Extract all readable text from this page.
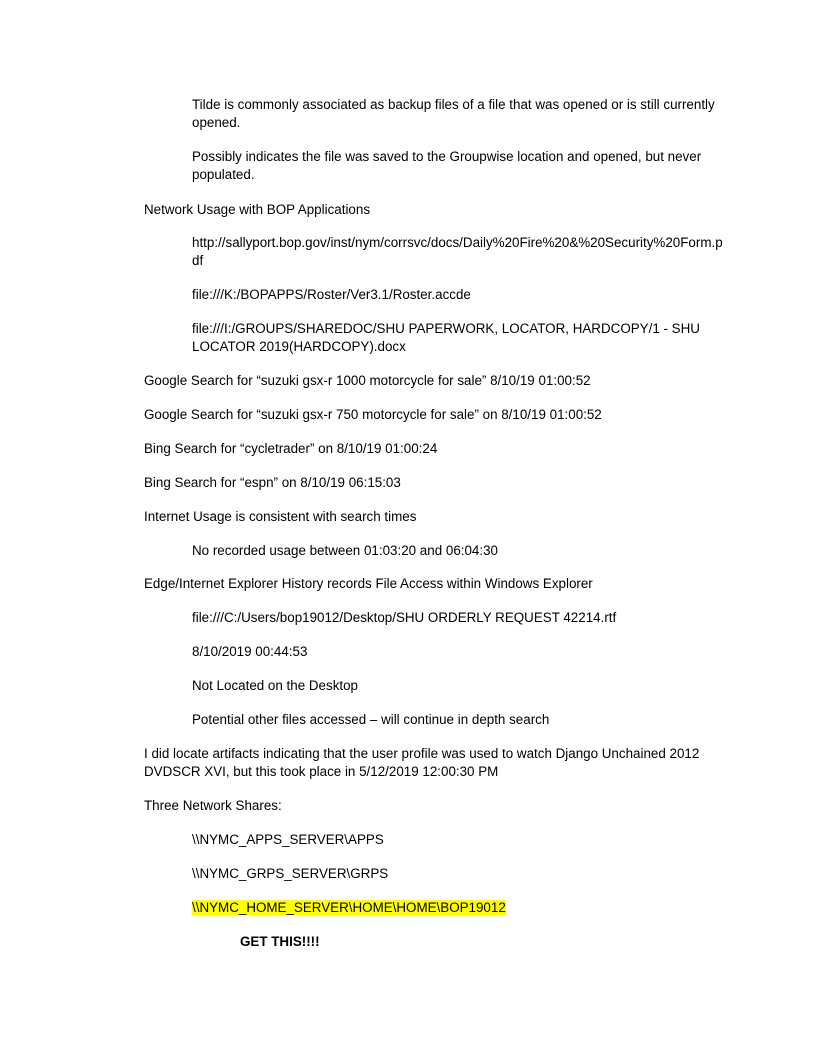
Tilde is commonly associated as backup files of a file that was opened or is still currently opened.

Possibly indicates the file was saved to the Groupwise location and opened, but never populated.

Network Usage with BOP Applications

http://sallyport.bop.gov/inst/nym/corrsvc/docs/Daily%20Fire%20&%20Security%20Form.pdf

file:///K:/BOPAPPS/Roster/Ver3.1/Roster.accde

file:///I:/GROUPS/SHAREDOC/SHU PAPERWORK, LOCATOR, HARDCOPY/1 - SHU LOCATOR 2019(HARDCOPY).docx

Google Search for “suzuki gsx-r 1000 motorcycle for sale” 8/10/19 01:00:52

Google Search for “suzuki gsx-r 750 motorcycle for sale” on 8/10/19 01:00:52

Bing Search for “cycletrader” on 8/10/19 01:00:24

Bing Search for “espn” on 8/10/19 06:15:03

Internet Usage is consistent with search times

No recorded usage between 01:03:20 and 06:04:30

Edge/Internet Explorer History records File Access within Windows Explorer

file:///C:/Users/bop19012/Desktop/SHU ORDERLY REQUEST 42214.rtf

8/10/2019 00:44:53

Not Located on the Desktop

Potential other files accessed – will continue in depth search

I did locate artifacts indicating that the user profile was used to watch Django Unchained 2012 DVDSCR XVI, but this took place in 5/12/2019 12:00:30 PM

Three Network Shares:

\\NYMC_APPS_SERVER\APPS

\\NYMC_GRPS_SERVER\GRPS

\\NYMC_HOME_SERVER\HOME\HOME\BOP19012

GET THIS!!!!
